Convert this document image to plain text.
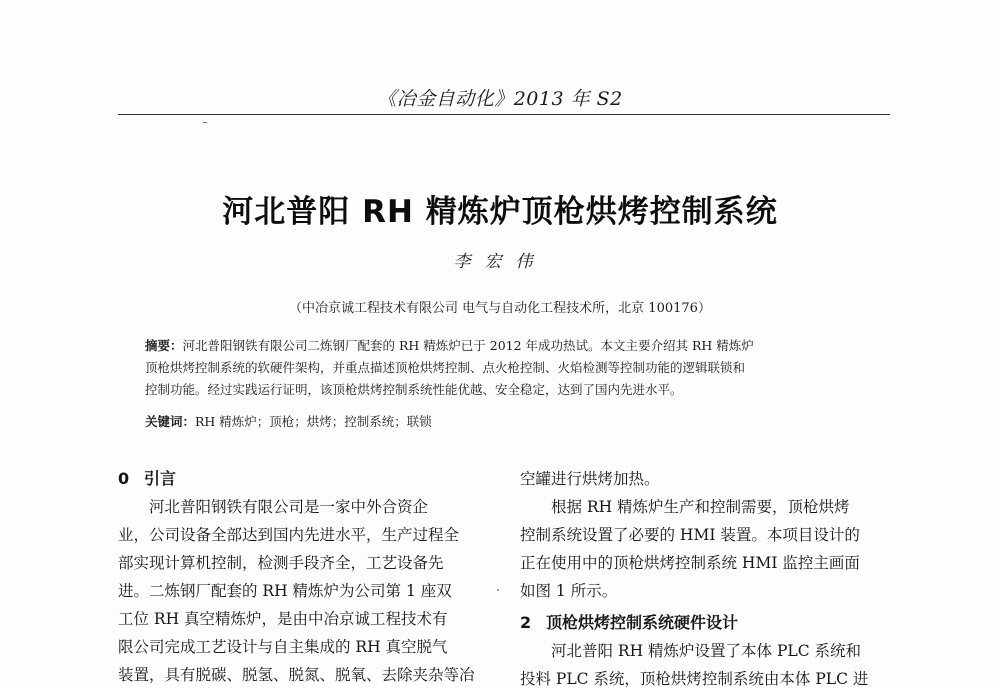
《冶金自动化》2013 年 S2
河北普阳 RH 精炼炉顶枪烘烤控制系统
李宏伟
（中冶京诚工程技术有限公司 电气与自动化工程技术所，北京 100176）
摘要：河北普阳钢铁有限公司二炼钢厂配套的 RH 精炼炉已于 2012 年成功热试。本文主要介绍其 RH 精炼炉
顶枪烘烤控制系统的软硬件架构，并重点描述顶枪烘烤控制、点火枪控制、火焰检测等控制功能的逻辑联锁和
控制功能。经过实践运行证明，该顶枪烘烤控制系统性能优越、安全稳定，达到了国内先进水平。
关键词：RH 精炼炉；顶枪；烘烤；控制系统；联锁
0 引言
河北普阳钢铁有限公司是一家中外合资企
业，公司设备全部达到国内先进水平，生产过程全
部实现计算机控制，检测手段齐全，工艺设备先
进。二炼钢厂配套的 RH 精炼炉为公司第 1 座双
工位 RH 真空精炼炉，是由中冶京诚工程技术有
限公司完成工艺设计与自主集成的 RH 真空脱气
装置，具有脱碳、脱氢、脱氮、脱氧、去除夹杂等冶
空罐进行烘烤加热。
根据 RH 精炼炉生产和控制需要，顶枪烘烤
控制系统设置了必要的 HMI 装置。本项目设计的
正在使用中的顶枪烘烤控制系统 HMI 监控主画面
如图 1 所示。
2 顶枪烘烤控制系统硬件设计
河北普阳 RH 精炼炉设置了本体 PLC 系统和
投料 PLC 系统，顶枪烘烤控制系统由本体 PLC 进
